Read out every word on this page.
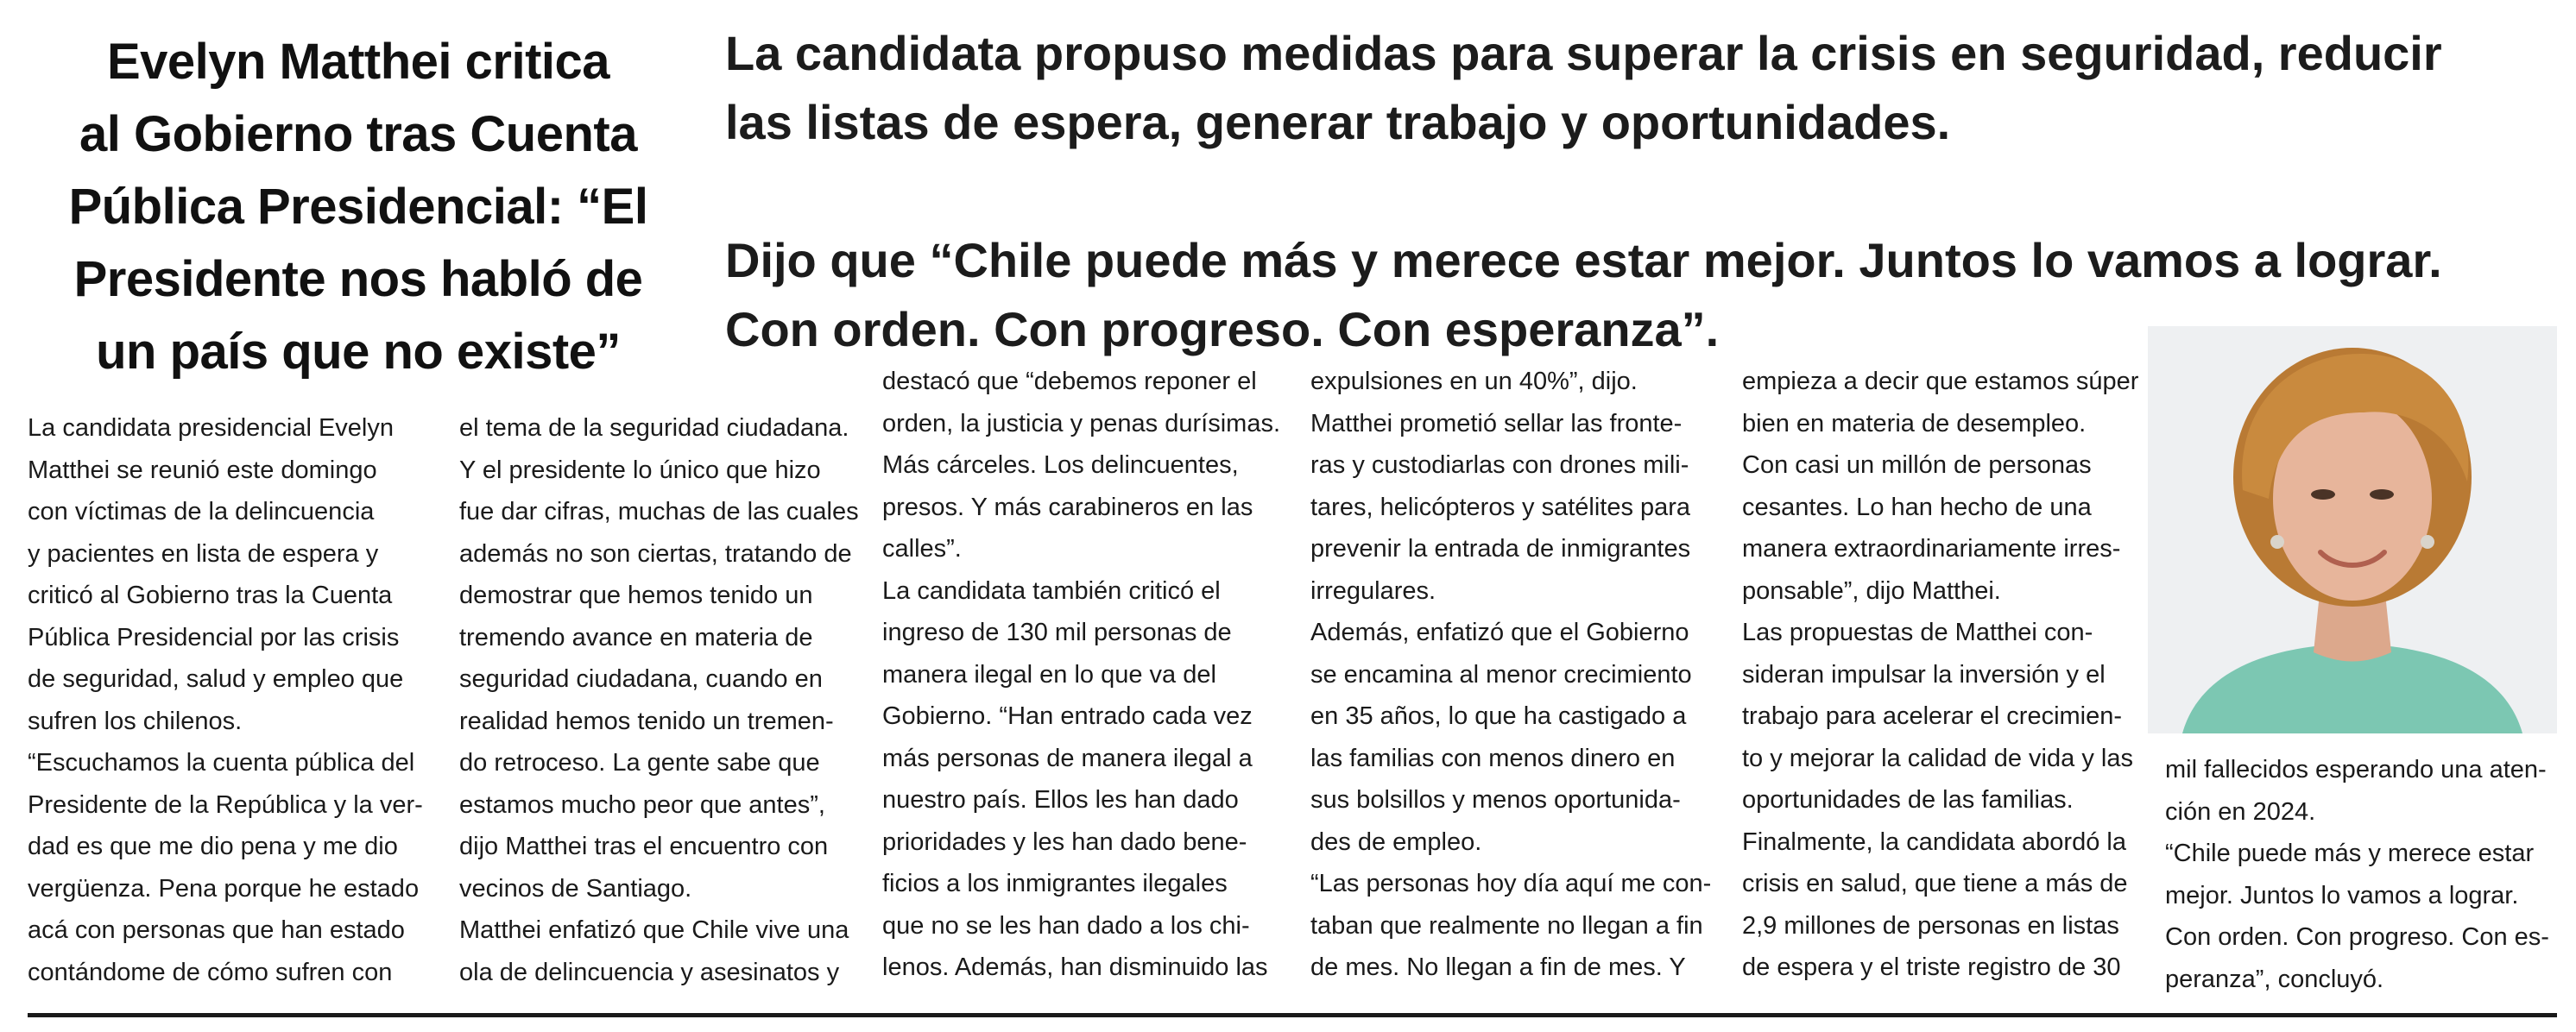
Evelyn Matthei critica
al Gobierno tras Cuenta
Pública Presidencial: “El
Presidente nos habló de
un país que no existe”

La candidata propuso medidas para superar la crisis en seguridad, reducir
las listas de espera, generar trabajo y oportunidades.

Dijo que “Chile puede más y merece estar mejor. Juntos lo vamos a lograr.
Con orden. Con progreso. Con esperanza”.

La candidata presidencial Evelyn
Matthei se reunió este domingo
con víctimas de la delincuencia
y pacientes en lista de espera y
criticó al Gobierno tras la Cuenta
Pública Presidencial por las crisis
de seguridad, salud y empleo que
sufren los chilenos.
“Escuchamos la cuenta pública del
Presidente de la República y la ver-
dad es que me dio pena y me dio
vergüenza. Pena porque he estado
acá con personas que han estado
contándome de cómo sufren con
el tema de la seguridad ciudadana.
Y el presidente lo único que hizo
fue dar cifras, muchas de las cuales
además no son ciertas, tratando de
demostrar que hemos tenido un
tremendo avance en materia de
seguridad ciudadana, cuando en
realidad hemos tenido un tremen-
do retroceso. La gente sabe que
estamos mucho peor que antes”,
dijo Matthei tras el encuentro con
vecinos de Santiago.
Matthei enfatizó que Chile vive una
ola de delincuencia y asesinatos y
destacó que “debemos reponer el
orden, la justicia y penas durísimas.
Más cárceles. Los delincuentes,
presos. Y más carabineros en las
calles”.
La candidata también criticó el
ingreso de 130 mil personas de
manera ilegal en lo que va del
Gobierno. “Han entrado cada vez
más personas de manera ilegal a
nuestro país. Ellos les han dado
prioridades y les han dado bene-
ficios a los inmigrantes ilegales
que no se les han dado a los chi-
lenos. Además, han disminuido las
expulsiones en un 40%”, dijo.
Matthei prometió sellar las fronte-
ras y custodiarlas con drones mili-
tares, helicópteros y satélites para
prevenir la entrada de inmigrantes
irregulares.
Además, enfatizó que el Gobierno
se encamina al menor crecimiento
en 35 años, lo que ha castigado a
las familias con menos dinero en
sus bolsillos y menos oportunida-
des de empleo.
“Las personas hoy día aquí me con-
taban que realmente no llegan a fin
de mes. No llegan a fin de mes. Y
empieza a decir que estamos súper
bien en materia de desempleo.
Con casi un millón de personas
cesantes. Lo han hecho de una
manera extraordinariamente irres-
ponsable”, dijo Matthei.
Las propuestas de Matthei con-
sideran impulsar la inversión y el
trabajo para acelerar el crecimien-
to y mejorar la calidad de vida y las
oportunidades de las familias.
Finalmente, la candidata abordó la
crisis en salud, que tiene a más de
2,9 millones de personas en listas
de espera y el triste registro de 30
mil fallecidos esperando una aten-
ción en 2024.
“Chile puede más y merece estar
mejor. Juntos lo vamos a lograr.
Con orden. Con progreso. Con es-
peranza”, concluyó.
